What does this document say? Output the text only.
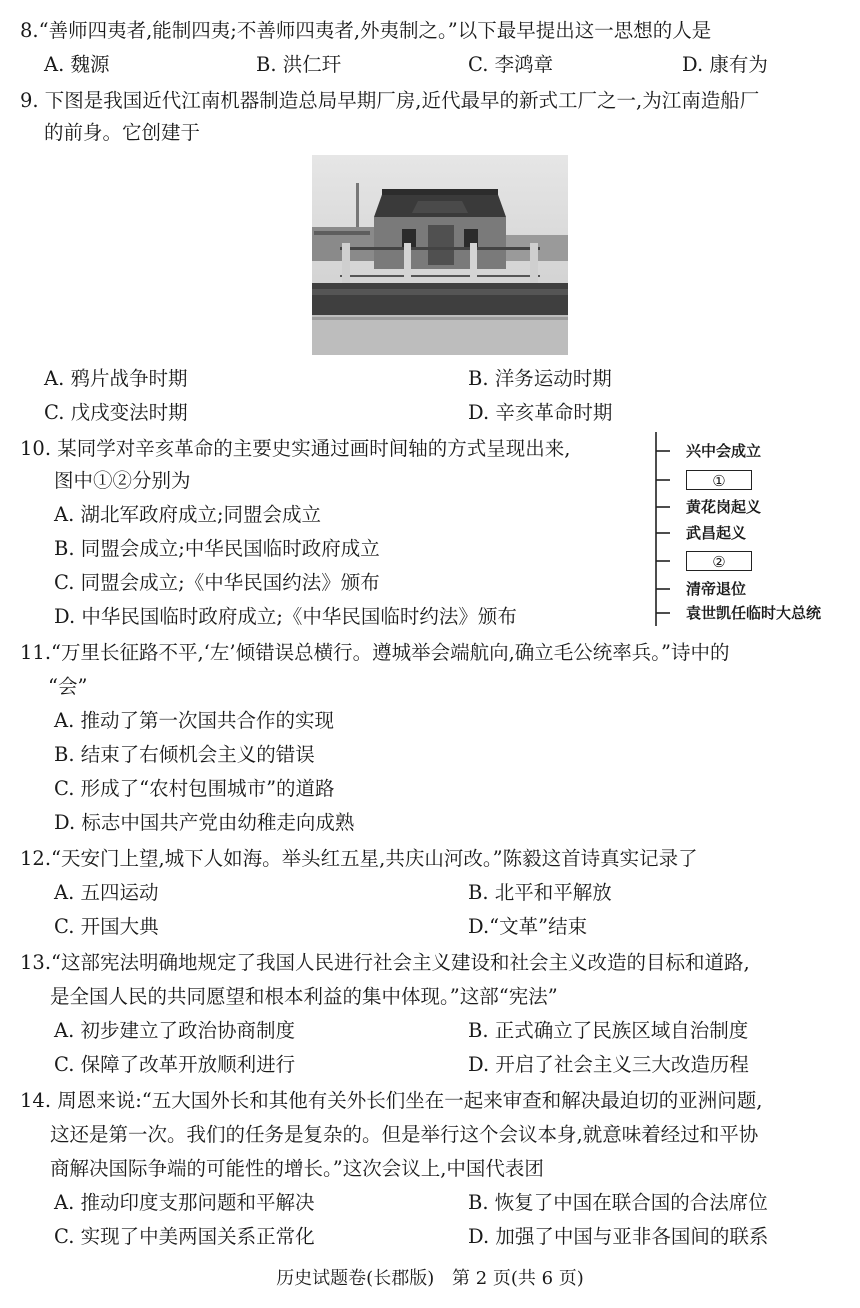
8.“善师四夷者,能制四夷;不善师四夷者,外夷制之。”以下最早提出这一思想的人是
A. 魏源	B. 洪仁玕	C. 李鸿章	D. 康有为
9. 下图是我国近代江南机器制造总局早期厂房,近代最早的新式工厂之一,为江南造船厂
的前身。它创建于
A. 鸦片战争时期	B. 洋务运动时期
C. 戊戌变法时期	D. 辛亥革命时期
10. 某同学对辛亥革命的主要史实通过画时间轴的方式呈现出来,
图中①②分别为
A. 湖北军政府成立;同盟会成立
B. 同盟会成立;中华民国临时政府成立
C. 同盟会成立;《中华民国约法》颁布
D. 中华民国临时政府成立;《中华民国临时约法》颁布
兴中会成立
①
黄花岗起义
武昌起义
②
清帝退位
袁世凯任临时大总统
11.“万里长征路不平,‘左’倾错误总横行。遵城举会端航向,确立毛公统率兵。”诗中的
“会”
A. 推动了第一次国共合作的实现
B. 结束了右倾机会主义的错误
C. 形成了“农村包围城市”的道路
D. 标志中国共产党由幼稚走向成熟
12.“天安门上望,城下人如海。举头红五星,共庆山河改。”陈毅这首诗真实记录了
A. 五四运动	B. 北平和平解放
C. 开国大典	D.“文革”结束
13.“这部宪法明确地规定了我国人民进行社会主义建设和社会主义改造的目标和道路,
是全国人民的共同愿望和根本利益的集中体现。”这部“宪法”
A. 初步建立了政治协商制度	B. 正式确立了民族区域自治制度
C. 保障了改革开放顺利进行	D. 开启了社会主义三大改造历程
14. 周恩来说:“五大国外长和其他有关外长们坐在一起来审查和解决最迫切的亚洲问题,
这还是第一次。我们的任务是复杂的。但是举行这个会议本身,就意味着经过和平协
商解决国际争端的可能性的增长。”这次会议上,中国代表团
A. 推动印度支那问题和平解决	B. 恢复了中国在联合国的合法席位
C. 实现了中美两国关系正常化	D. 加强了中国与亚非各国间的联系
历史试题卷(长郡版) 第 2 页(共 6 页)
